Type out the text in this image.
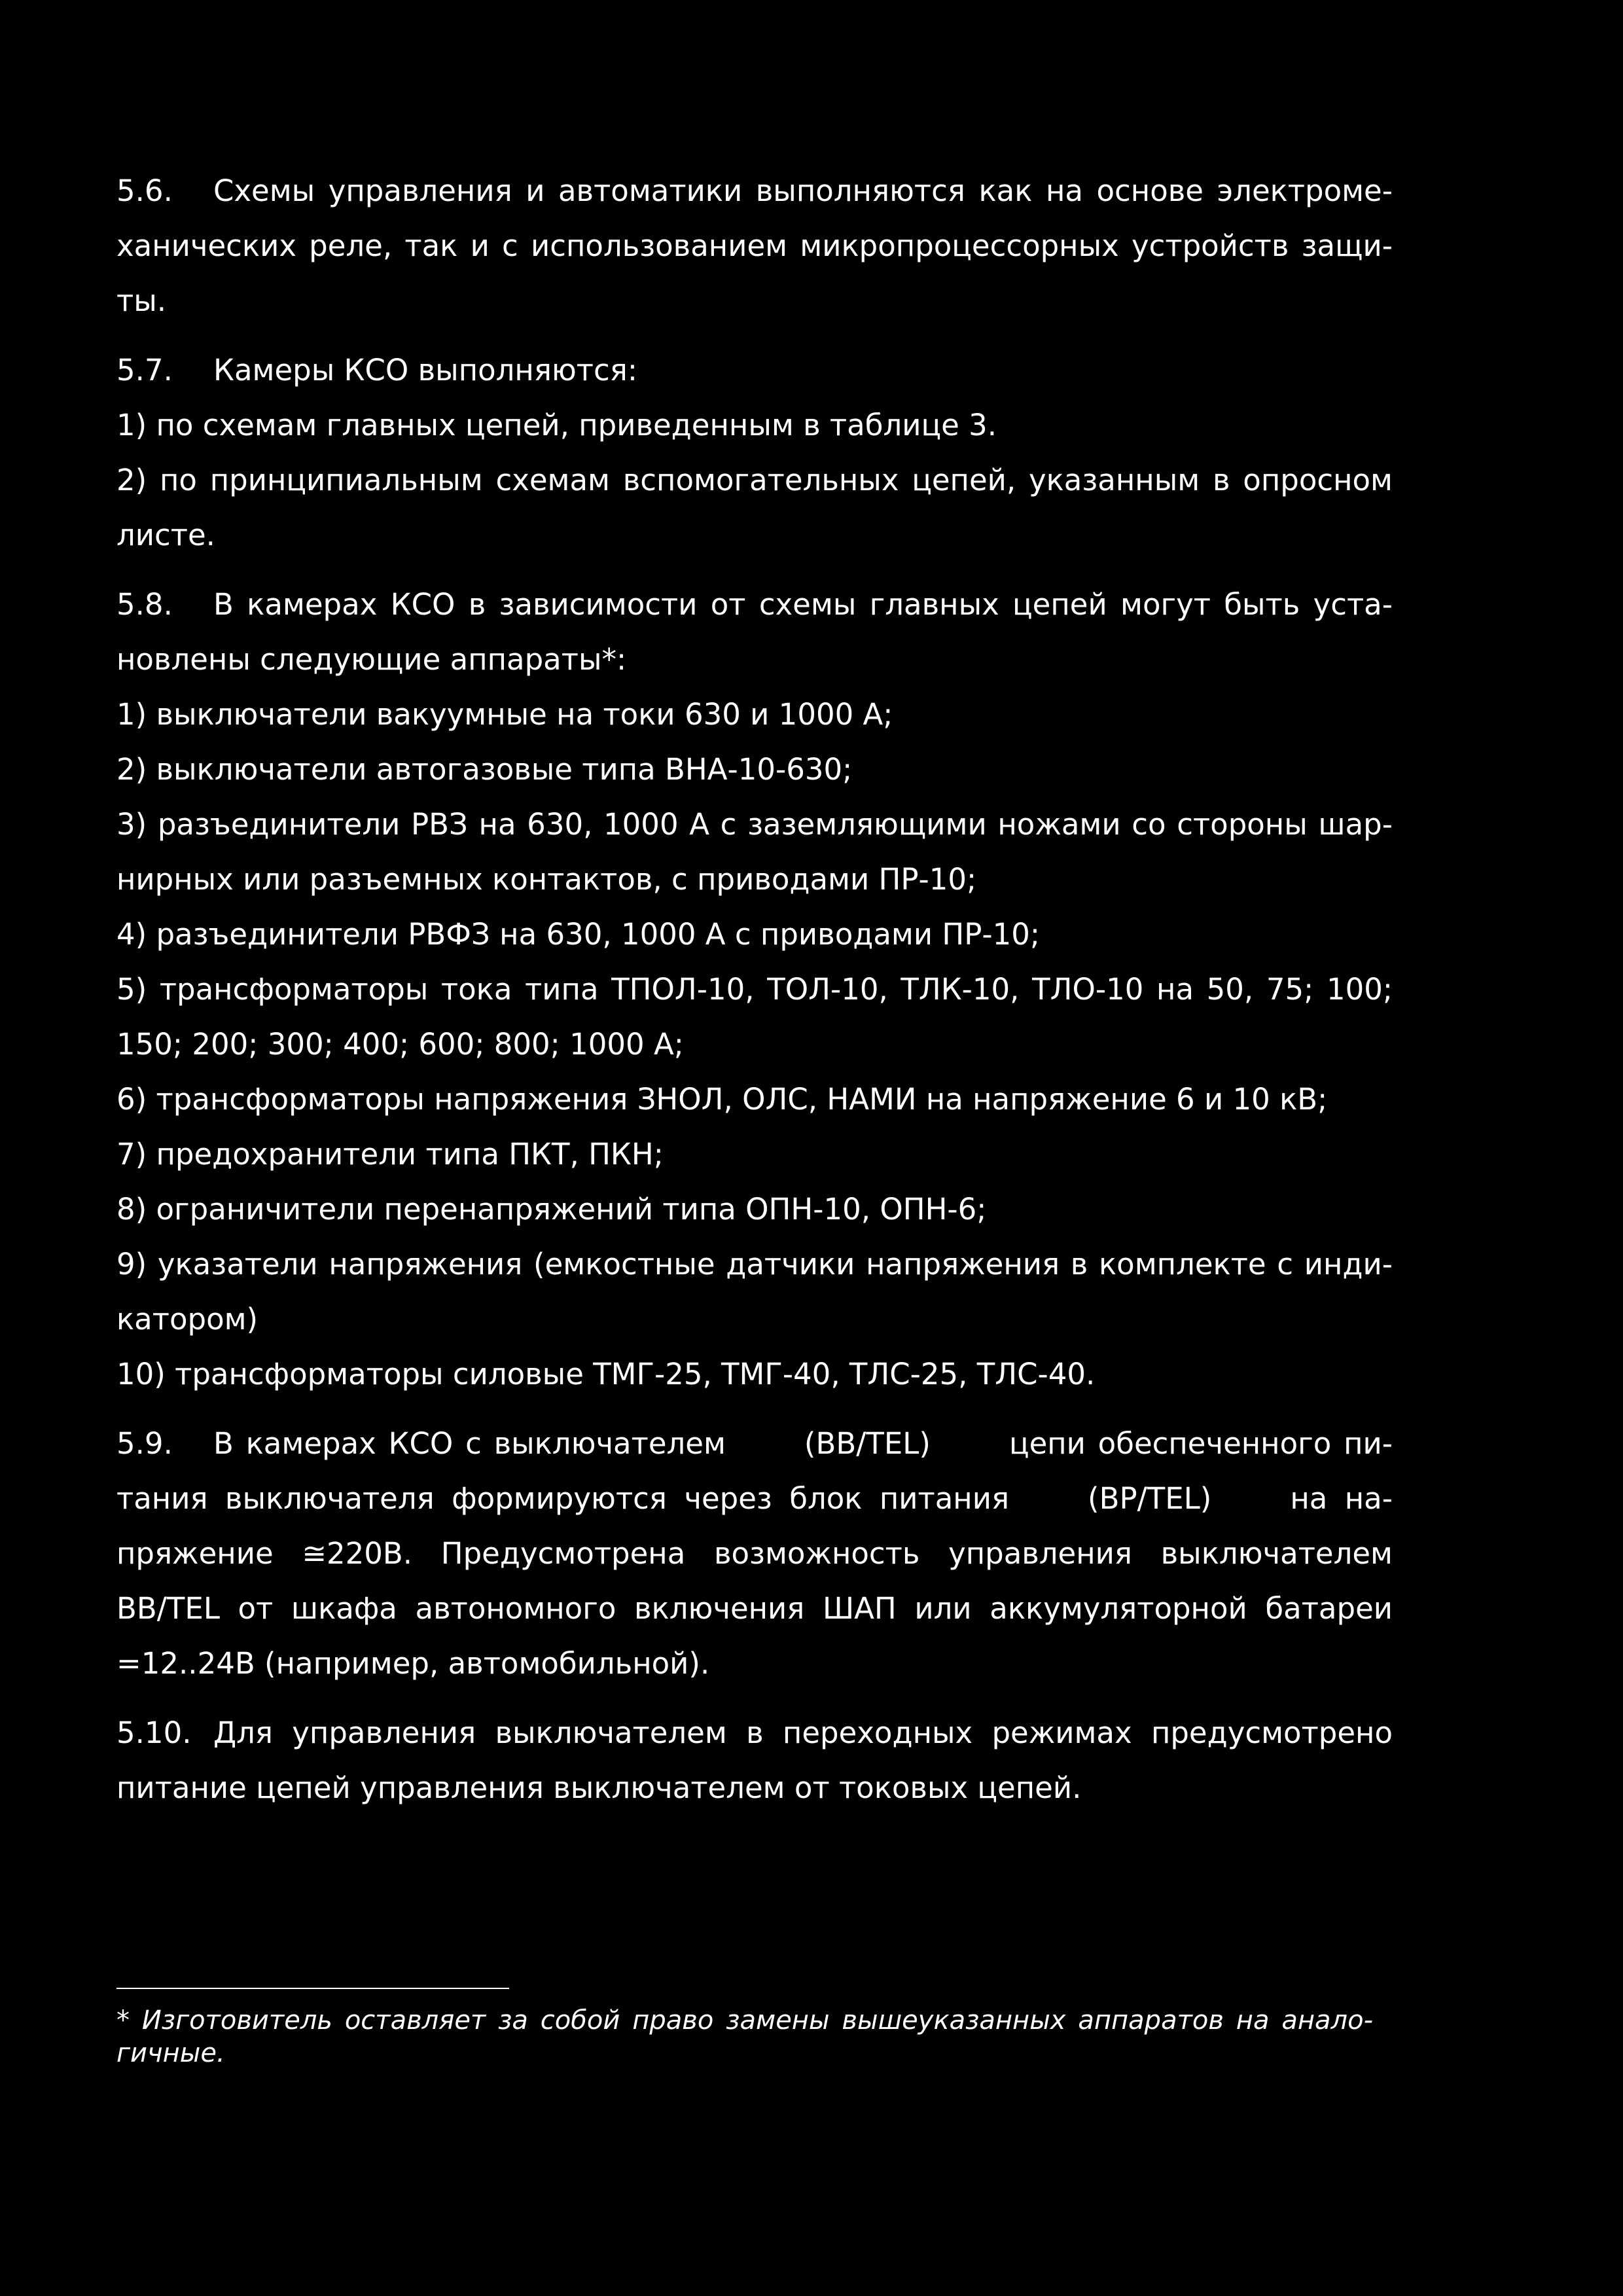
5.6. Схемы управления и автоматики выполняются как на основе электромеханических реле, так и с использованием микропроцессорных устройств защиты.

5.7. Камеры КСО выполняются:

1) по схемам главных цепей, приведенным в таблице 3.

2) по принципиальным схемам вспомогательных цепей, указанным в опросном листе.

5.8. В камерах КСО в зависимости от схемы главных цепей могут быть установлены следующие аппараты*:

1) выключатели вакуумные на токи 630 и 1000 А;

2) выключатели автогазовые типа ВНА-10-630;

3) разъединители РВЗ на 630, 1000 А с заземляющими ножами со стороны шарнирных или разъемных контактов, с приводами ПР-10;

4) разъединители РВФЗ на 630, 1000 А с приводами ПР-10;

5) трансформаторы тока типа ТПОЛ-10, ТОЛ-10, ТЛК-10, ТЛО-10 на 50, 75; 100; 150; 200; 300; 400; 600; 800; 1000 А;

6) трансформаторы напряжения ЗНОЛ, ОЛС, НАМИ на напряжение 6 и 10 кВ;

7) предохранители типа ПКТ, ПКН;

8) ограничители перенапряжений типа ОПН-10, ОПН-6;

9) указатели напряжения (емкостные датчики напряжения в комплекте с индикатором)

10) трансформаторы силовые ТМГ-25, ТМГ-40, ТЛС-25, ТЛС-40.

5.9. В камерах КСО с выключателем	(BB/TEL)	цепи обеспеченного питания выключателя формируются через блок питания	(BP/TEL)	на напряжение ≅220В. Предусмотрена возможность управления выключателем BB/TEL от шкафа автономного включения ШАП или аккумуляторной батареи =12..24В (например, автомобильной).

5.10. Для управления выключателем в переходных режимах предусмотрено питание цепей управления выключателем от токовых цепей.

* Изготовитель оставляет за собой право замены вышеуказанных аппаратов на аналогичные.
